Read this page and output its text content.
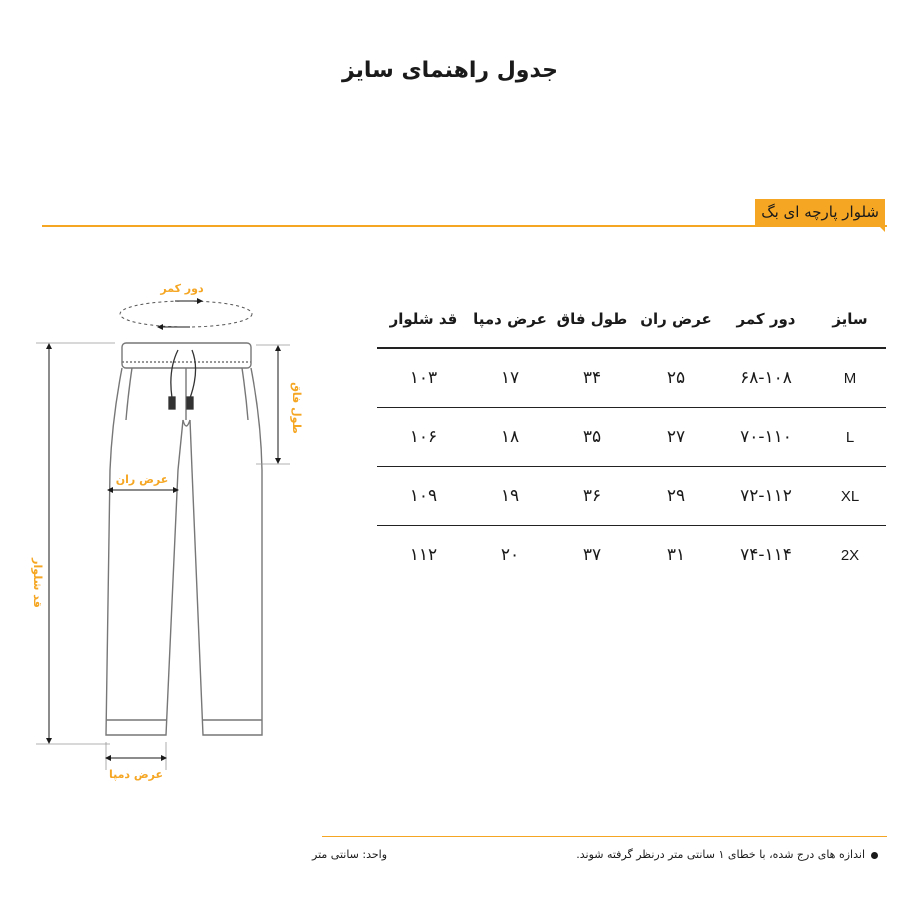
جدول راهنمای سایز
شلوار پارچه ای بگ
دور کمر
قد شلوار
طول فاق
عرض ران
عرض دمپا
سایز	دور کمر	عرض ران	طول فاق	عرض دمپا	قد شلوار
M	۶۸-۱۰۸	۲۵	۳۴	۱۷	۱۰۳
L	۷۰-۱۱۰	۲۷	۳۵	۱۸	۱۰۶
XL	۷۲-۱۱۲	۲۹	۳۶	۱۹	۱۰۹
2X	۷۴-۱۱۴	۳۱	۳۷	۲۰	۱۱۲
اندازه های درج شده، با خطای ۱ سانتی متر درنظر گرفته شوند.
واحد: سانتی متر
